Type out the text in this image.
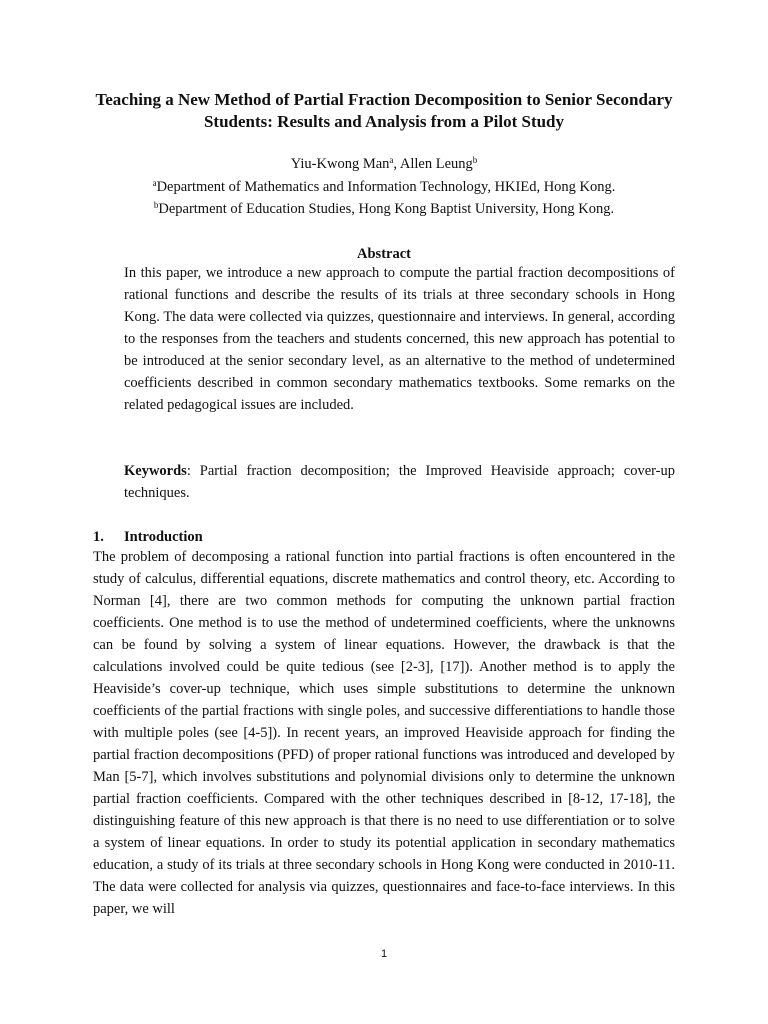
Teaching a New Method of Partial Fraction Decomposition to Senior Secondary Students: Results and Analysis from a Pilot Study
Yiu-Kwong Man$^a$, Allen Leung$^b$
$^a$Department of Mathematics and Information Technology, HKIEd, Hong Kong.
$^b$Department of Education Studies, Hong Kong Baptist University, Hong Kong.
Abstract
In this paper, we introduce a new approach to compute the partial fraction decompositions of rational functions and describe the results of its trials at three secondary schools in Hong Kong. The data were collected via quizzes, questionnaire and interviews. In general, according to the responses from the teachers and students concerned, this new approach has potential to be introduced at the senior secondary level, as an alternative to the method of undetermined coefficients described in common secondary mathematics textbooks. Some remarks on the related pedagogical issues are included.
Keywords: Partial fraction decomposition; the Improved Heaviside approach; cover-up techniques.
1. Introduction
The problem of decomposing a rational function into partial fractions is often encountered in the study of calculus, differential equations, discrete mathematics and control theory, etc. According to Norman [4], there are two common methods for computing the unknown partial fraction coefficients. One method is to use the method of undetermined coefficients, where the unknowns can be found by solving a system of linear equations. However, the drawback is that the calculations involved could be quite tedious (see [2-3], [17]). Another method is to apply the Heaviside’s cover-up technique, which uses simple substitutions to determine the unknown coefficients of the partial fractions with single poles, and successive differentiations to handle those with multiple poles (see [4-5]). In recent years, an improved Heaviside approach for finding the partial fraction decompositions (PFD) of proper rational functions was introduced and developed by Man [5-7], which involves substitutions and polynomial divisions only to determine the unknown partial fraction coefficients. Compared with the other techniques described in [8-12, 17-18], the distinguishing feature of this new approach is that there is no need to use differentiation or to solve a system of linear equations. In order to study its potential application in secondary mathematics education, a study of its trials at three secondary schools in Hong Kong were conducted in 2010-11. The data were collected for analysis via quizzes, questionnaires and face-to-face interviews. In this paper, we will
1
